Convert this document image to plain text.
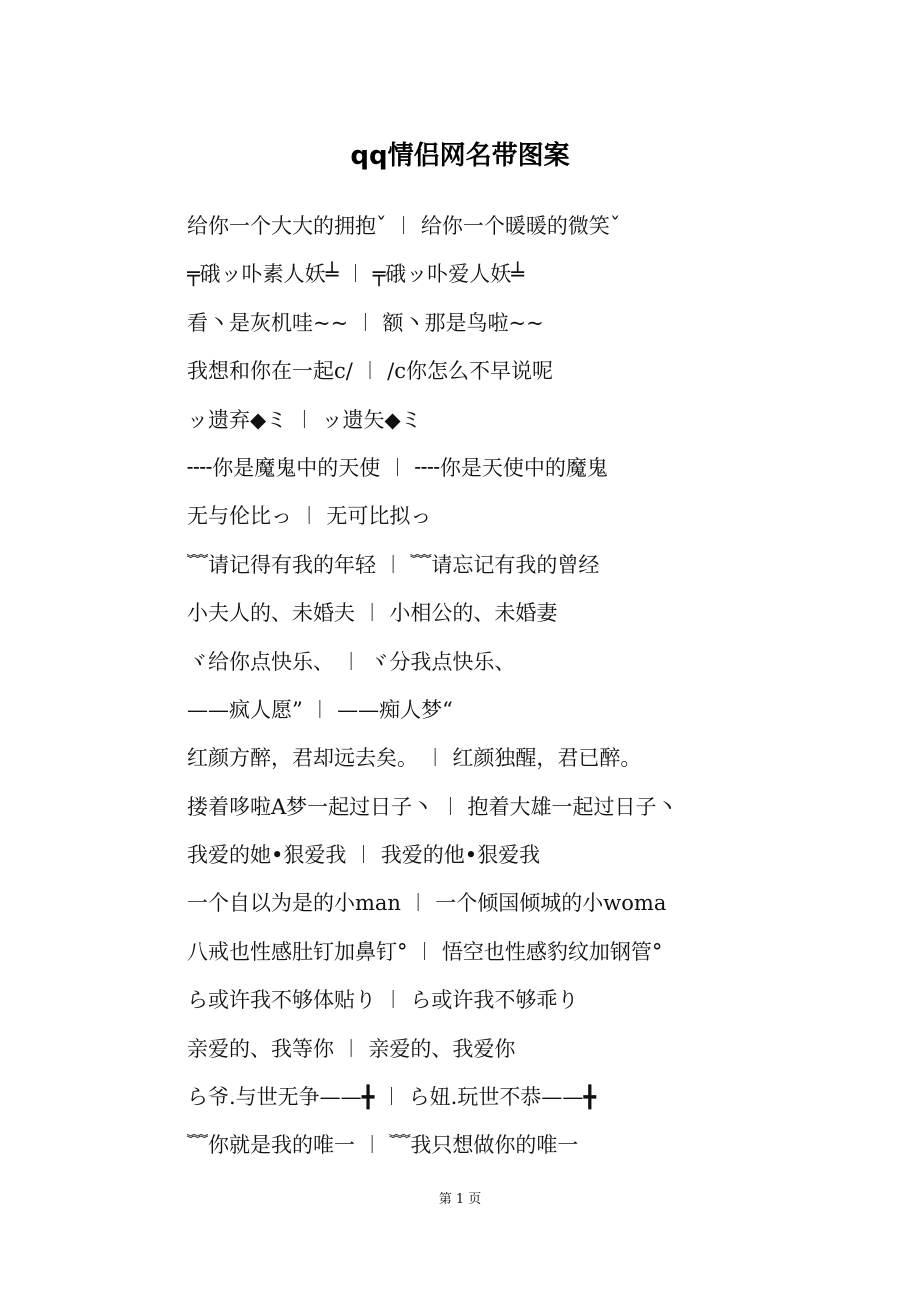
qq情侣网名带图案
给你一个大大的拥抱ˇ ︱ 给你一个暖暖的微笑ˇ
╤硪ッ卟素人妖╧ ︱ ╤硪ッ卟爱人妖╧
看丶是灰机哇~~ ︱ 额丶那是鸟啦~~
我想和你在一起c/ ︱ /c你怎么不早说呢
ッ遗弃◆ミ ︱ ッ遗矢◆ミ
╌╌你是魔鬼中的天使 ︱ ╌╌你是天使中的魔鬼
无与伦比っ ︱ 无可比拟っ
﹌请记得有我的年轻 ︱ ﹌请忘记有我的曾经
小夫人的、未婚夫 ︱ 小相公的、未婚妻
ヾ给你点快乐、 ︱ ヾ分我点快乐、
——疯人愿” ︱ ——痴人梦“
红颜方醉，君却远去矣。 ︱ 红颜独醒，君已醉。
搂着哆啦A梦一起过日子丶 ︱ 抱着大雄一起过日子丶
我爱的她•狠爱我 ︱ 我爱的他•狠爱我
一个自以为是的小man ︱ 一个倾国倾城的小woma
八戒也性感肚钉加鼻钉° ︱ 悟空也性感豹纹加钢管°
ら或许我不够体贴り ︱ ら或许我不够乖り
亲爱的、我等你 ︱ 亲爱的、我爱你
ら爷.与世无争——╋ ︱ ら妞.玩世不恭——╋
﹌你就是我的唯一 ︱ ﹌我只想做你的唯一
第 1 页
